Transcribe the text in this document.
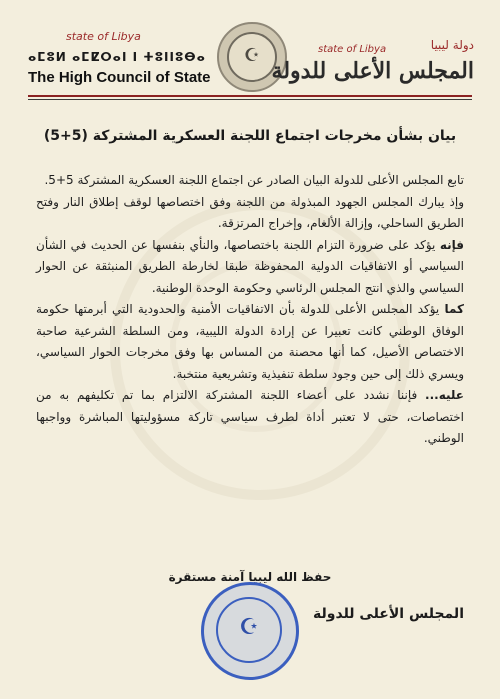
state of Libya
ⴰⵎⵓⵍ ⴰⵎⵇⵔⴰⵏ ⵏ ⵜⵓⵏⵏⵓⴱⴰ
The High Council of State
☪	state of Libya	دولة ليبيا
المجلس الأعلى للدولة
بيان بشأن مخرجات اجتماع اللجنة العسكرية المشتركة (5+5)

تابع المجلس الأعلى للدولة البيان الصادر عن اجتماع اللجنة العسكرية المشتركة 5+5.

وإذ يبارك المجلس الجهود المبذولة من اللجنة وفق اختصاصها لوقف إطلاق النار وفتح الطريق الساحلي، وإزالة الألغام، وإخراج المرتزقة.

فإنه يؤكد على ضرورة التزام اللجنة باختصاصها، والنأي بنفسها عن الحديث في الشأن السياسي أو الاتفاقيات الدولية المحفوظة طبقا لخارطة الطريق المنبثقة عن الحوار السياسي والذي انتج المجلس الرئاسي وحكومة الوحدة الوطنية.

كما يؤكد المجلس الأعلى للدولة بأن الاتفاقيات الأمنية والحدودية التي أبرمتها حكومة الوفاق الوطني كانت تعبيرا عن إرادة الدولة الليبية، ومن السلطة الشرعية صاحبة الاختصاص الأصيل، كما أنها محصنة من المساس بها وفق مخرجات الحوار السياسي، ويسري ذلك إلى حين وجود سلطة تنفيذية وتشريعية منتخبة.

عليه... فإننا نشدد على أعضاء اللجنة المشتركة الالتزام بما تم تكليفهم به من اختصاصات، حتى لا تعتبر أداة لطرف سياسي تاركة مسؤوليتها المباشرة وواجبها الوطني.

حفظ الله ليبيا آمنة مستقرة
☪
المجلس الأعلى للدولة
